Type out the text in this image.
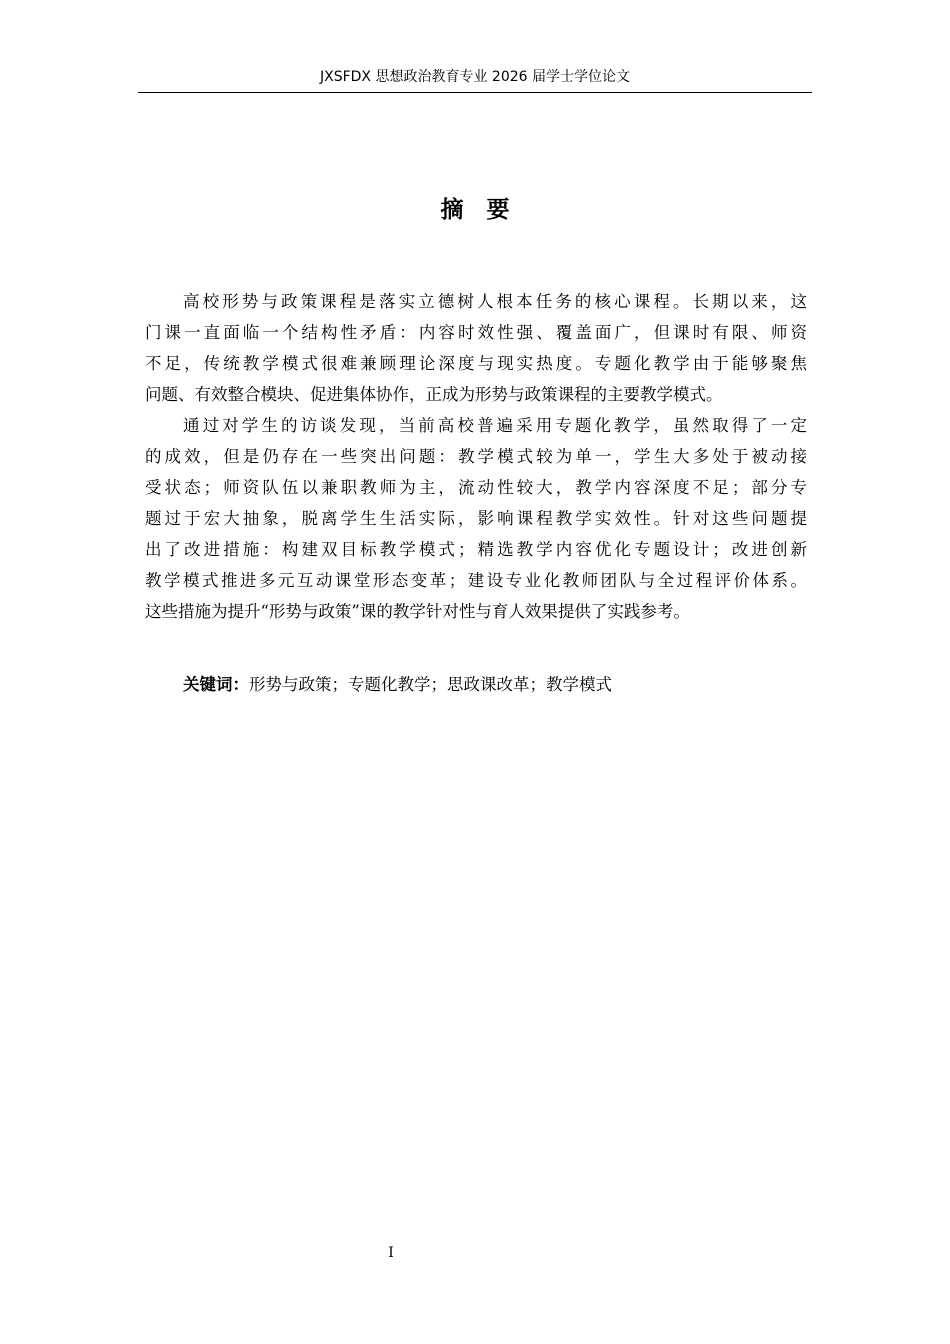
JXSFDX 思想政治教育专业 2026 届学士学位论文
摘　要
高校形势与政策课程是落实立德树人根本任务的核心课程。长期以来，这
门课一直面临一个结构性矛盾：内容时效性强、覆盖面广，但课时有限、师资
不足，传统教学模式很难兼顾理论深度与现实热度。专题化教学由于能够聚焦
问题、有效整合模块、促进集体协作，正成为形势与政策课程的主要教学模式。
通过对学生的访谈发现，当前高校普遍采用专题化教学，虽然取得了一定
的成效，但是仍存在一些突出问题：教学模式较为单一，学生大多处于被动接
受状态；师资队伍以兼职教师为主，流动性较大，教学内容深度不足；部分专
题过于宏大抽象，脱离学生生活实际，影响课程教学实效性。针对这些问题提
出了改进措施：构建双目标教学模式；精选教学内容优化专题设计；改进创新
教学模式推进多元互动课堂形态变革；建设专业化教师团队与全过程评价体系。
这些措施为提升“形势与政策”课的教学针对性与育人效果提供了实践参考。
关键词：形势与政策；专题化教学；思政课改革；教学模式
I
